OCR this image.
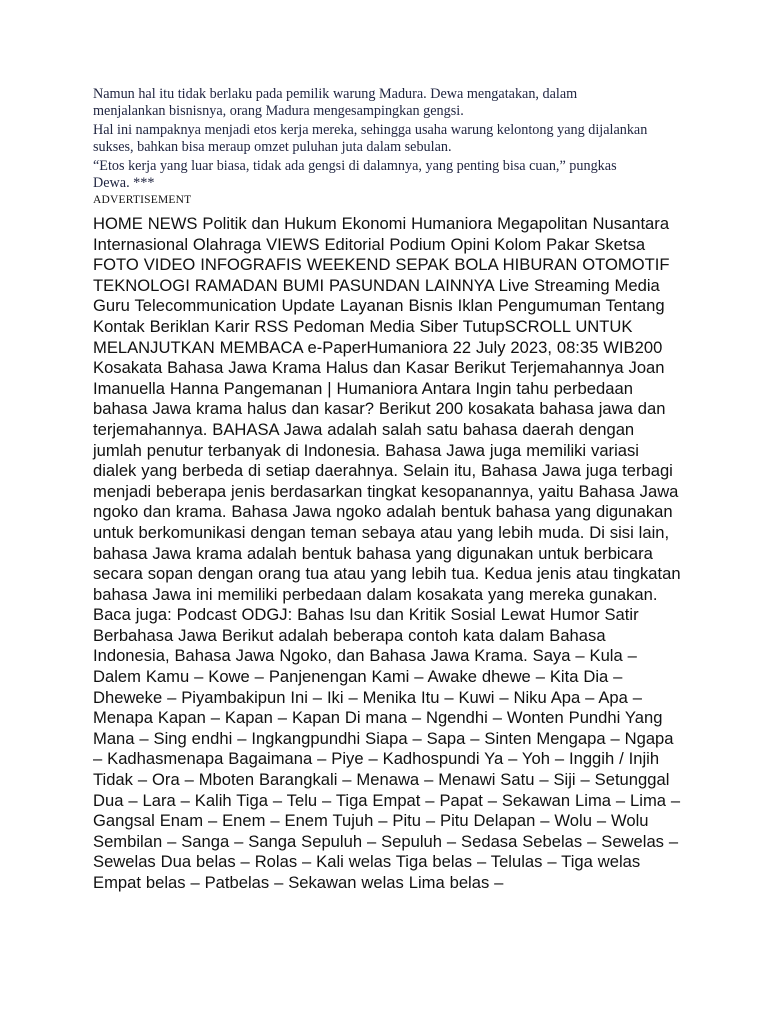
Namun hal itu tidak berlaku pada pemilik warung Madura. Dewa mengatakan, dalam menjalankan bisnisnya, orang Madura mengesampingkan gengsi.

Hal ini nampaknya menjadi etos kerja mereka, sehingga usaha warung kelontong yang dijalankan sukses, bahkan bisa meraup omzet puluhan juta dalam sebulan.

“Etos kerja yang luar biasa, tidak ada gengsi di dalamnya, yang penting bisa cuan,” pungkas Dewa. ***

ADVERTISEMENT

HOME NEWS Politik dan Hukum Ekonomi Humaniora Megapolitan Nusantara Internasional Olahraga VIEWS Editorial Podium Opini Kolom Pakar Sketsa FOTO VIDEO INFOGRAFIS WEEKEND SEPAK BOLA HIBURAN OTOMOTIF TEKNOLOGI RAMADAN BUMI PASUNDAN LAINNYA Live Streaming Media Guru Telecommunication Update Layanan Bisnis Iklan Pengumuman Tentang Kontak Beriklan Karir RSS Pedoman Media Siber TutupSCROLL UNTUK MELANJUTKAN MEMBACA e-PaperHumaniora 22 July 2023, 08:35 WIB200 Kosakata Bahasa Jawa Krama Halus dan Kasar Berikut Terjemahannya Joan Imanuella Hanna Pangemanan | Humaniora Antara Ingin tahu perbedaan bahasa Jawa krama halus dan kasar? Berikut 200 kosakata bahasa jawa dan terjemahannya. BAHASA Jawa adalah salah satu bahasa daerah dengan jumlah penutur terbanyak di Indonesia. Bahasa Jawa juga memiliki variasi dialek yang berbeda di setiap daerahnya. Selain itu, Bahasa Jawa juga terbagi menjadi beberapa jenis berdasarkan tingkat kesopanannya, yaitu Bahasa Jawa ngoko dan krama. Bahasa Jawa ngoko adalah bentuk bahasa yang digunakan untuk berkomunikasi dengan teman sebaya atau yang lebih muda. Di sisi lain, bahasa Jawa krama adalah bentuk bahasa yang digunakan untuk berbicara secara sopan dengan orang tua atau yang lebih tua. Kedua jenis atau tingkatan bahasa Jawa ini memiliki perbedaan dalam kosakata yang mereka gunakan. Baca juga: Podcast ODGJ: Bahas Isu dan Kritik Sosial Lewat Humor Satir Berbahasa Jawa Berikut adalah beberapa contoh kata dalam Bahasa Indonesia, Bahasa Jawa Ngoko, dan Bahasa Jawa Krama. Saya – Kula – Dalem Kamu – Kowe – Panjenengan Kami – Awake dhewe – Kita Dia – Dheweke – Piyambakipun Ini – Iki – Menika Itu – Kuwi – Niku Apa – Apa – Menapa Kapan – Kapan – Kapan Di mana – Ngendhi – Wonten Pundhi Yang Mana – Sing endhi – Ingkangpundhi Siapa – Sapa – Sinten Mengapa – Ngapa – Kadhasmenapa Bagaimana – Piye – Kadhospundi Ya – Yoh – Inggih / Injih Tidak – Ora – Mboten Barangkali – Menawa – Menawi Satu – Siji – Setunggal Dua – Lara – Kalih Tiga – Telu – Tiga Empat – Papat – Sekawan Lima – Lima – Gangsal Enam – Enem – Enem Tujuh – Pitu – Pitu Delapan – Wolu – Wolu Sembilan – Sanga – Sanga Sepuluh – Sepuluh – Sedasa Sebelas – Sewelas – Sewelas Dua belas – Rolas – Kali welas Tiga belas – Telulas – Tiga welas Empat belas – Patbelas – Sekawan welas Lima belas –
